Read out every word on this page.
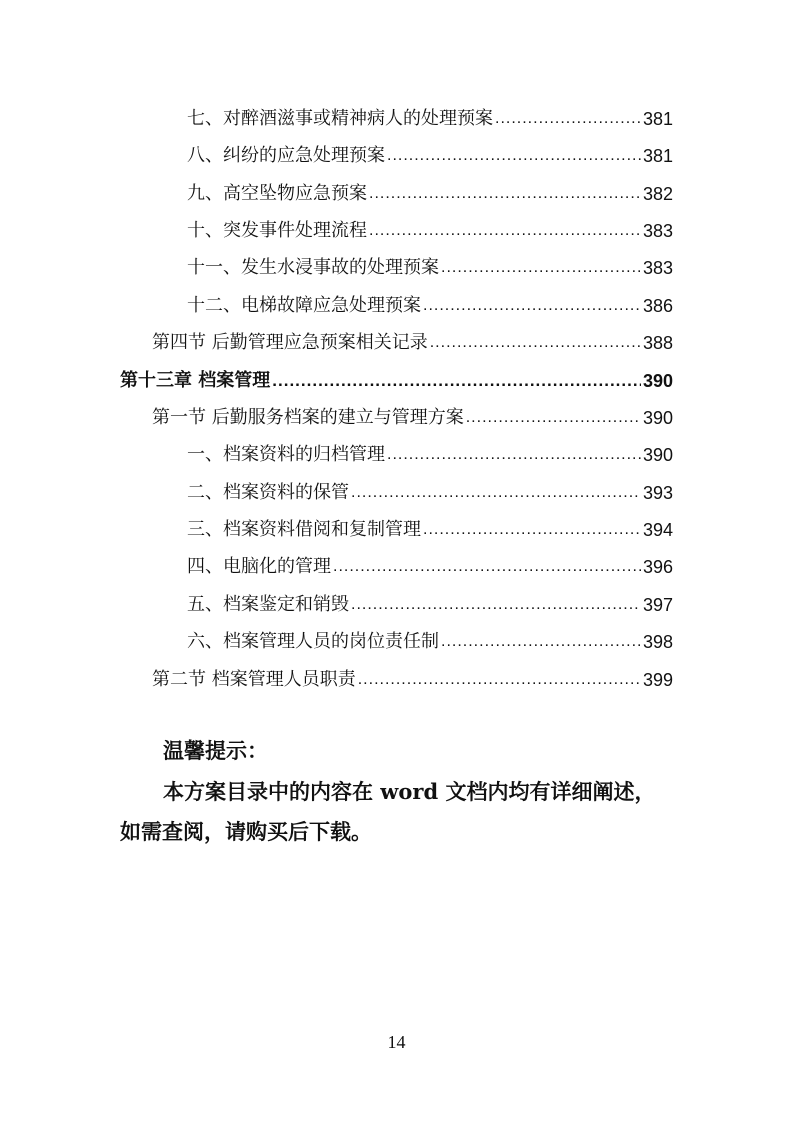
七、对醉酒滋事或精神病人的处理预案 .....	381
八、纠纷的应急处理预案 .....	381
九、高空坠物应急预案 .....	382
十、突发事件处理流程 .....	383
十一、发生水浸事故的处理预案 .....	383
十二、电梯故障应急处理预案 .....	386
第四节 后勤管理应急预案相关记录 .....	388
第十三章 档案管理 .....	390
第一节 后勤服务档案的建立与管理方案 .....	390
一、档案资料的归档管理 .....	390
二、档案资料的保管 .....	393
三、档案资料借阅和复制管理 .....	394
四、电脑化的管理 .....	396
五、档案鉴定和销毁 .....	397
六、档案管理人员的岗位责任制 .....	398
第二节 档案管理人员职责 .....	399
温馨提示：
本方案目录中的内容在 word 文档内均有详细阐述，如需查阅，请购买后下载。
14
